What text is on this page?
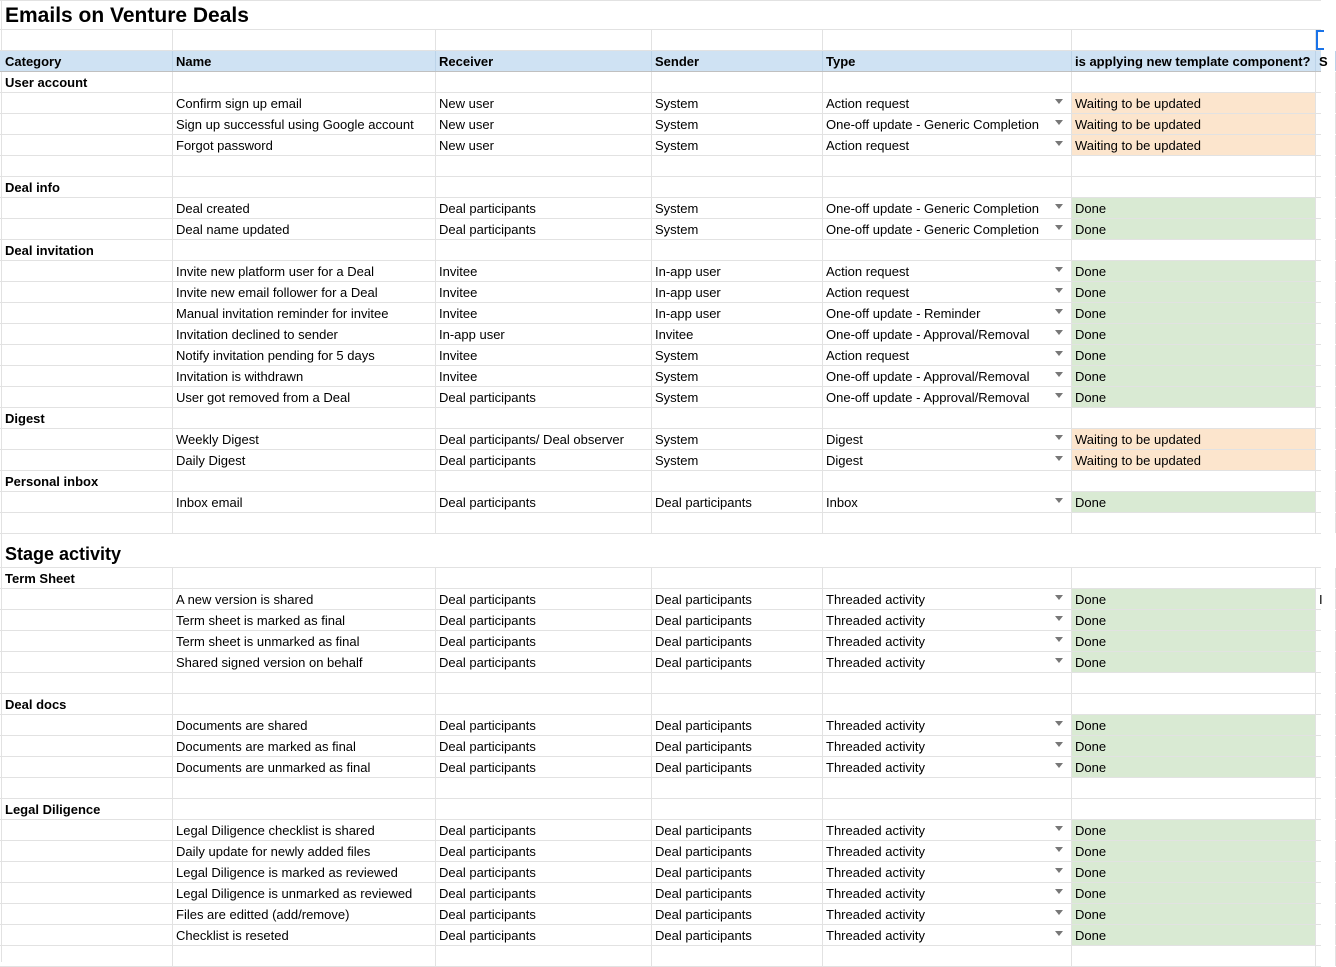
Emails on Venture Deals
Category	Name	Receiver	Sender	Type	is applying new template component? S
User account
Confirm sign up email	New user	System	Action request	Waiting to be updated
Sign up successful using Google account	New user	System	One-off update - Generic Completion	Waiting to be updated
Forgot password	New user	System	Action request	Waiting to be updated
Deal info
Deal created	Deal participants	System	One-off update - Generic Completion	Done
Deal name updated	Deal participants	System	One-off update - Generic Completion	Done
Deal invitation
Invite new platform user for a Deal	Invitee	In-app user	Action request	Done
Invite new email follower for a Deal	Invitee	In-app user	Action request	Done
Manual invitation reminder for invitee	Invitee	In-app user	One-off update - Reminder	Done
Invitation declined to sender	In-app user	Invitee	One-off update - Approval/Removal	Done
Notify invitation pending for 5 days	Invitee	System	Action request	Done
Invitation is withdrawn	Invitee	System	One-off update - Approval/Removal	Done
User got removed from a Deal	Deal participants	System	One-off update - Approval/Removal	Done
Digest
Weekly Digest	Deal participants/ Deal observer	System	Digest	Waiting to be updated
Daily Digest	Deal participants	System	Digest	Waiting to be updated
Personal inbox
Inbox email	Deal participants	Deal participants	Inbox	Done
Stage activity
Term Sheet
A new version is shared	Deal participants	Deal participants	Threaded activity	Done	I
Term sheet is marked as final	Deal participants	Deal participants	Threaded activity	Done
Term sheet is unmarked as final	Deal participants	Deal participants	Threaded activity	Done
Shared signed version on behalf	Deal participants	Deal participants	Threaded activity	Done
Deal docs
Documents are shared	Deal participants	Deal participants	Threaded activity	Done
Documents are marked as final	Deal participants	Deal participants	Threaded activity	Done
Documents are unmarked as final	Deal participants	Deal participants	Threaded activity	Done
Legal Diligence
Legal Diligence checklist is shared	Deal participants	Deal participants	Threaded activity	Done
Daily update for newly added files	Deal participants	Deal participants	Threaded activity	Done
Legal Diligence is marked as reviewed	Deal participants	Deal participants	Threaded activity	Done
Legal Diligence is unmarked as reviewed	Deal participants	Deal participants	Threaded activity	Done
Files are editted (add/remove)	Deal participants	Deal participants	Threaded activity	Done
Checklist is reseted	Deal participants	Deal participants	Threaded activity	Done
